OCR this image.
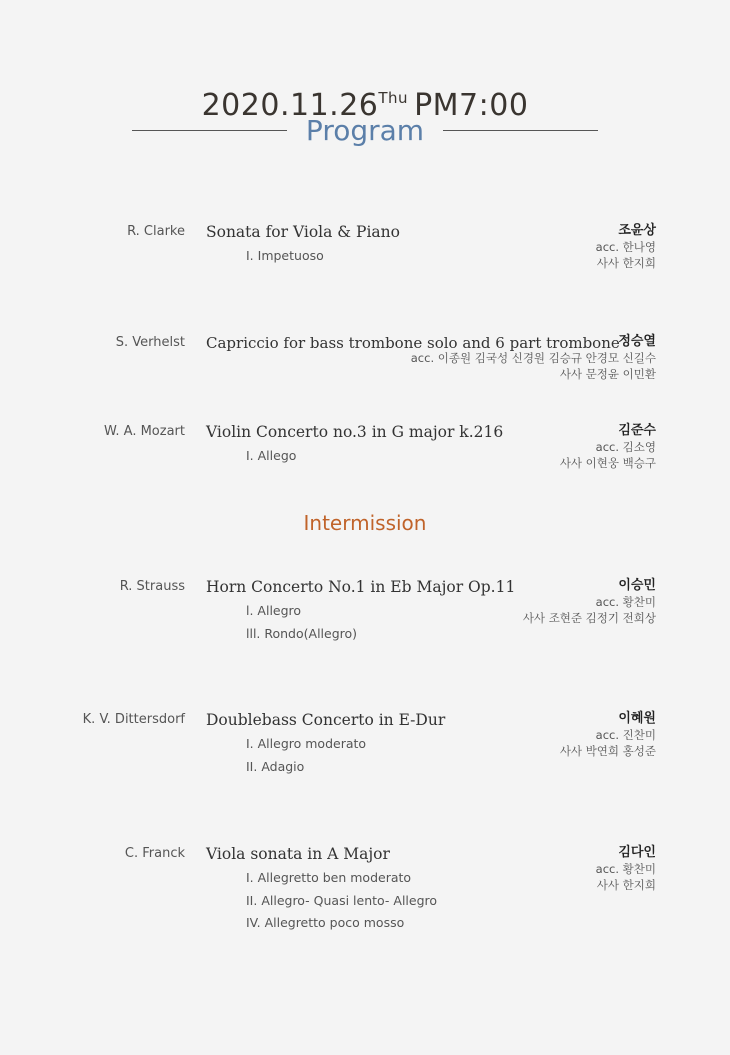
$2020.11.26^{Thu}$ PM7:00
Program
R. Clarke Sonata for Viola & Piano
I. Impetuoso
조윤상
acc. 한나영
사사 한지희
S. Verhelst Capriccio for bass trombone solo and 6 part trombone
정승열
acc. 이종원 김국성 신경원 김승규 안경모 신길수
사사 문정윤 이민환
W. A. Mozart Violin Concerto no.3 in G major k.216
I. Allego
김준수
acc. 김소영
사사 이현웅 백승구
Intermission
R. Strauss Horn Concerto No.1 in Eb Major Op.11
l. Allegro
lll. Rondo(Allegro)
이승민
acc. 황찬미
사사 조현준 김정기 전희상
K. V. Dittersdorf Doublebass Concerto in E-Dur
I. Allegro moderato
II. Adagio
이혜원
acc. 진찬미
사사 박연희 홍성준
C. Franck Viola sonata in A Major
I. Allegretto ben moderato
II. Allegro- Quasi lento- Allegro
IV. Allegretto poco mosso
김다인
acc. 황찬미
사사 한지희
